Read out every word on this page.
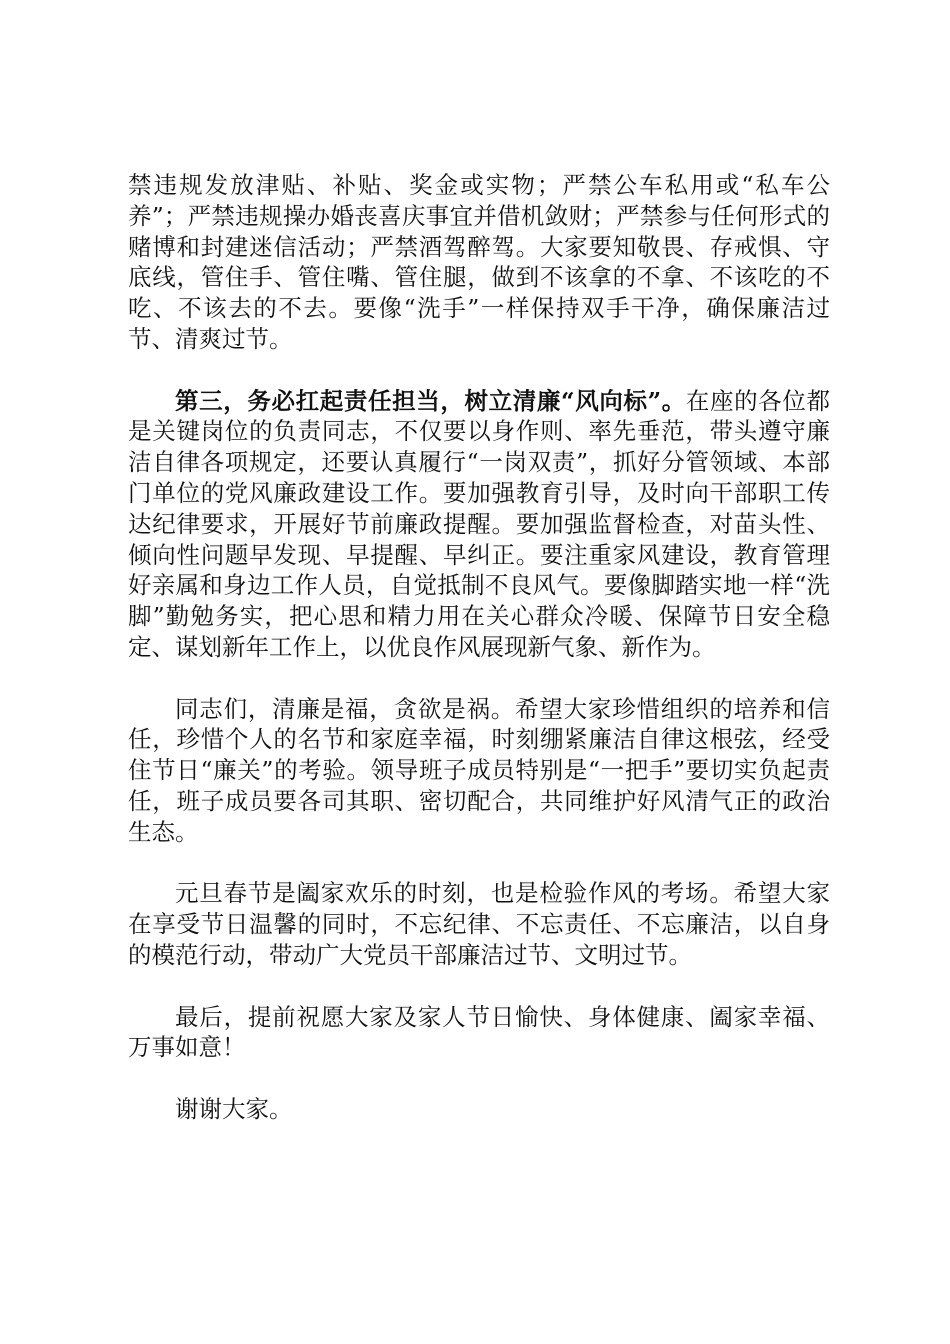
禁违规发放津贴、补贴、奖金或实物；严禁公车私用或“私车公养”；严禁违规操办婚丧喜庆事宜并借机敛财；严禁参与任何形式的赌博和封建迷信活动；严禁酒驾醉驾。大家要知敬畏、存戒惧、守底线，管住手、管住嘴、管住腿，做到不该拿的不拿、不该吃的不吃、不该去的不去。要像“洗手”一样保持双手干净，确保廉洁过节、清爽过节。

第三，务必扛起责任担当，树立清廉“风向标”。在座的各位都是关键岗位的负责同志，不仅要以身作则、率先垂范，带头遵守廉洁自律各项规定，还要认真履行“一岗双责”，抓好分管领域、本部门单位的党风廉政建设工作。要加强教育引导，及时向干部职工传达纪律要求，开展好节前廉政提醒。要加强监督检查，对苗头性、倾向性问题早发现、早提醒、早纠正。要注重家风建设，教育管理好亲属和身边工作人员，自觉抵制不良风气。要像脚踏实地一样“洗脚”勤勉务实，把心思和精力用在关心群众冷暖、保障节日安全稳定、谋划新年工作上，以优良作风展现新气象、新作为。

同志们，清廉是福，贪欲是祸。希望大家珍惜组织的培养和信任，珍惜个人的名节和家庭幸福，时刻绷紧廉洁自律这根弦，经受住节日“廉关”的考验。领导班子成员特别是“一把手”要切实负起责任，班子成员要各司其职、密切配合，共同维护好风清气正的政治生态。

元旦春节是阖家欢乐的时刻，也是检验作风的考场。希望大家在享受节日温馨的同时，不忘纪律、不忘责任、不忘廉洁，以自身的模范行动，带动广大党员干部廉洁过节、文明过节。

最后，提前祝愿大家及家人节日愉快、身体健康、阖家幸福、万事如意！

谢谢大家。
